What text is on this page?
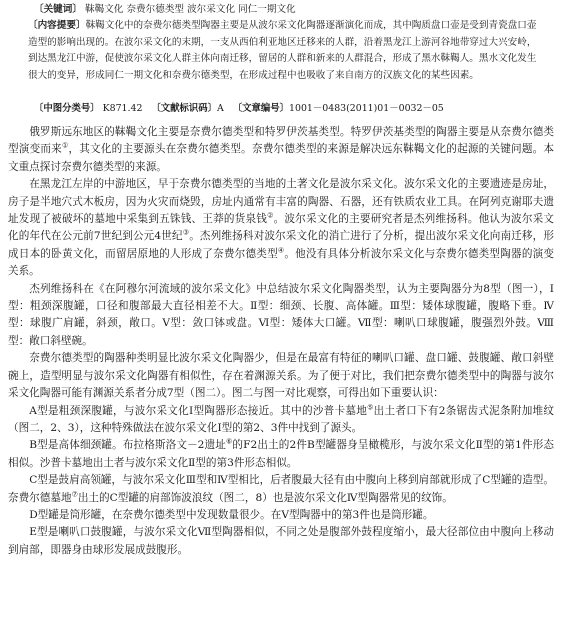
〔关键词〕 靺鞨文化 奈费尔德类型 波尔采文化 同仁一期文化
〔内容提要〕靺鞨文化中的奈费尔德类型陶器主要是从波尔采文化陶器逐渐演化而成，其中陶质盘口壶是受到青瓷盘口壶造型的影响出现的。在波尔采文化的末期，一支从西伯利亚地区迁移来的人群，沿着黑龙江上游河谷地带穿过大兴安岭，到达黑龙江中游，促使波尔采文化人群主体向南迁移，留居的人群和新来的人群混合，形成了黑水靺鞨人。黑水文化发生很大的变异，形成同仁一期文化和奈费尔德类型，在形成过程中也吸收了来自南方的汉族文化的某些因素。
〔中图分类号〕 K871.42 〔文献标识码〕A 〔文章编号〕1001－0483(2011)01－0032－05

俄罗斯远东地区的靺鞨文化主要是奈费尔德类型和特罗伊茨基类型。特罗伊茨基类型的陶器主要是从奈费尔德类型演变而来①，其文化的主要源头在奈费尔德类型。奈费尔德类型的来源是解决远东靺鞨文化的起源的关键问题。本文重点探讨奈费尔德类型的来源。

在黑龙江左岸的中游地区，早于奈费尔德类型的当地的土著文化是波尔采文化。波尔采文化的主要遗迹是房址，房子是半地穴式木板房，因为火灾而烧毁，房址内通常有丰富的陶器、石器，还有铁质农业工具。在阿列克谢耶夫遗址发现了被破坏的墓地中采集到五铢钱、王莽的货泉钱②。波尔采文化的主要研究者是杰列维扬科。他认为波尔采文化的年代在公元前7世纪到公元4世纪③。杰列维扬科对波尔采文化的消亡进行了分析，提出波尔采文化向南迁移，形成日本的卧黄文化，而留居原地的人形成了奈费尔德类型④。他没有具体分析波尔采文化与奈费尔德类型陶器的演变关系。

杰列维扬科在《在阿穆尔河流域的波尔采文化》中总结波尔采文化陶器类型，认为主要陶器分为8型（图一），Ⅰ型：粗颈深腹罐，口径和腹部最大直径相差不大。Ⅱ型：细颈、长腹、高体罐。Ⅲ型：矮体球腹罐，腹略下垂。Ⅳ型：球腹广肩罐，斜颈，敞口。Ⅴ型：敛口钵或盘。Ⅵ型：矮体大口罐。Ⅶ型：喇叭口球腹罐，腹强烈外鼓。Ⅷ型：敞口斜壁碗。

奈费尔德类型的陶器种类明显比波尔采文化陶器少，但是在最富有特征的喇叭口罐、盘口罐、鼓腹罐、敞口斜壁碗上，造型明显与波尔采文化陶器有相似性，存在着渊源关系。为了便于对比，我们把奈费尔德类型中的陶器与波尔采文化陶器可能有渊源关系者分成7型（图二）。图二与图一对比观察，可得出如下重要认识：

A型是粗颈深腹罐，与波尔采文化Ⅰ型陶器形态接近。其中的沙普卡墓地⑤出土者口下有2条锯齿式泥条附加堆纹（图二，2、3），这种特殊做法在波尔采文化Ⅰ型的第2、3件中找到了源头。

B型是高体细颈罐。布拉格斯洛文－2遗址⑥的F2出土的2件B型罐器身呈橄榄形，与波尔采文化Ⅱ型的第1件形态相似。沙普卡墓地出土者与波尔采文化Ⅱ型的第3件形态相似。

C型是鼓肩高领罐，与波尔采文化Ⅲ型和Ⅳ型相比，后者腹最大径有由中腹向上移到肩部就形成了C型罐的造型。奈费尔德墓地⑦出土的C型罐的肩部饰波浪纹（图二，8）也是波尔采文化Ⅳ型陶器常见的纹饰。

D型罐是筒形罐，在奈费尔德类型中发现数量很少。在Ⅴ型陶器中的第3件也是筒形罐。

E型是喇叭口鼓腹罐，与波尔采文化Ⅶ型陶器相似，不同之处是腹部外鼓程度缩小，最大径部位由中腹向上移动到肩部，即器身由球形发展成鼓腹形。
